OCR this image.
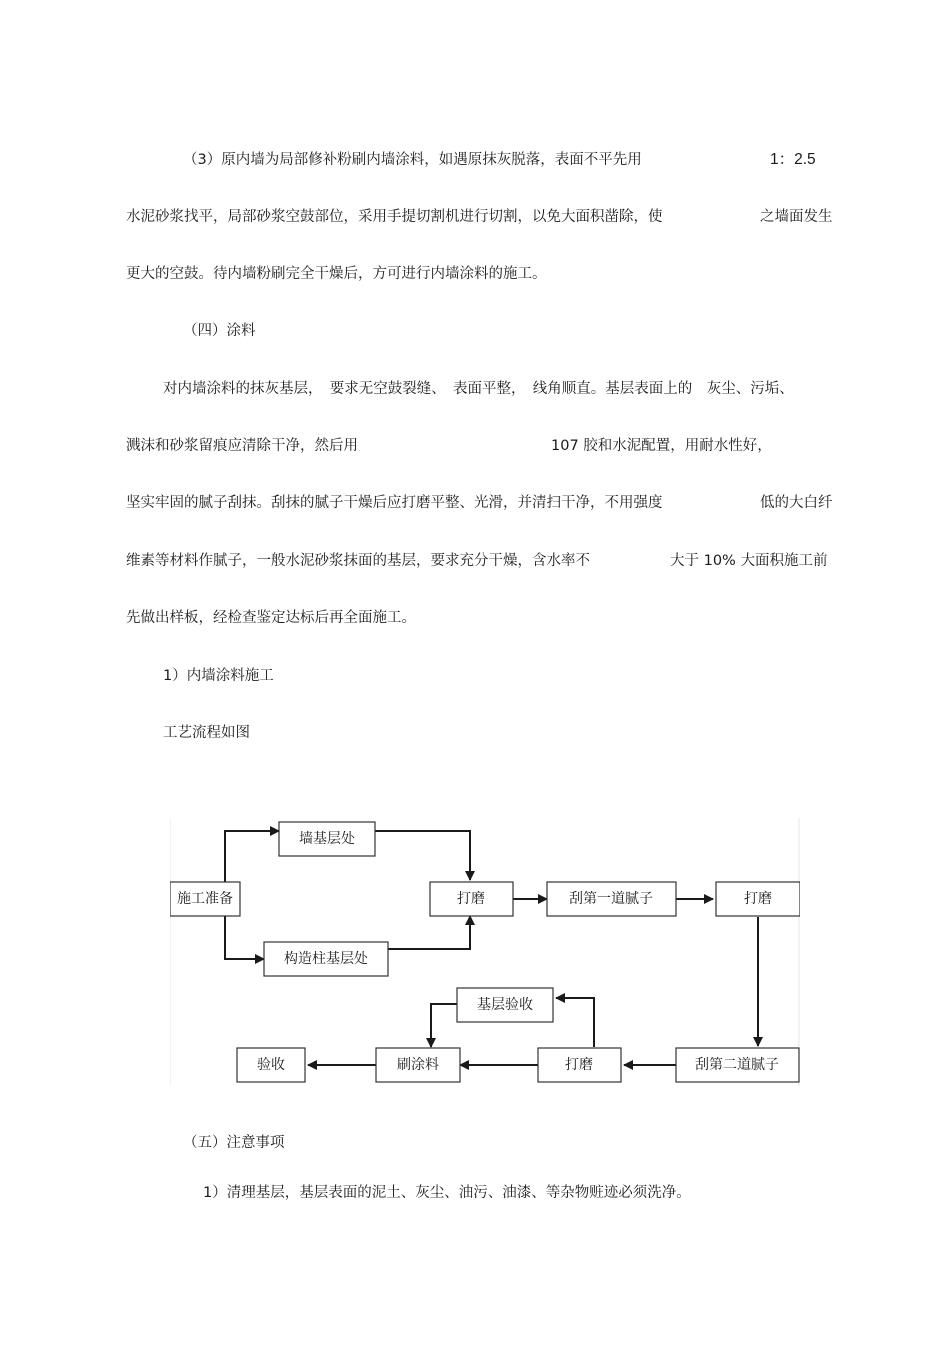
（3）原内墙为局部修补粉刷内墙涂料，如遇原抹灰脱落，表面不平先用	1：2.5
水泥砂浆找平，局部砂浆空鼓部位，采用手提切割机进行切割，以免大面积凿除，使	之墙面发生
更大的空鼓。待内墙粉刷完全干燥后，方可进行内墙涂料的施工。
（四）涂料
对内墙涂料的抹灰基层，　要求无空鼓裂缝、　表面平整，　线角顺直。基层表面上的　灰尘、污垢、
溅沫和砂浆留痕应清除干净，然后用	107 胶和水泥配置，用耐水性好，
坚实牢固的腻子刮抹。刮抹的腻子干燥后应打磨平整、光滑，并清扫干净，不用强度	低的大白纤
维素等材料作腻子，一般水泥砂浆抹面的基层，要求充分干燥，含水率不	大于 10% 大面积施工前
先做出样板，经检查鉴定达标后再全面施工。
1）内墙涂料施工
工艺流程如图
施工准备
墙基层处
构造柱基层处
打磨	刮第一道腻子	打磨
刮第二道腻子
打磨
基层验收
刷涂料
验收
（五）注意事项
1）清理基层，基层表面的泥土、灰尘、油污、油漆、等杂物赃迹必须洗净。
